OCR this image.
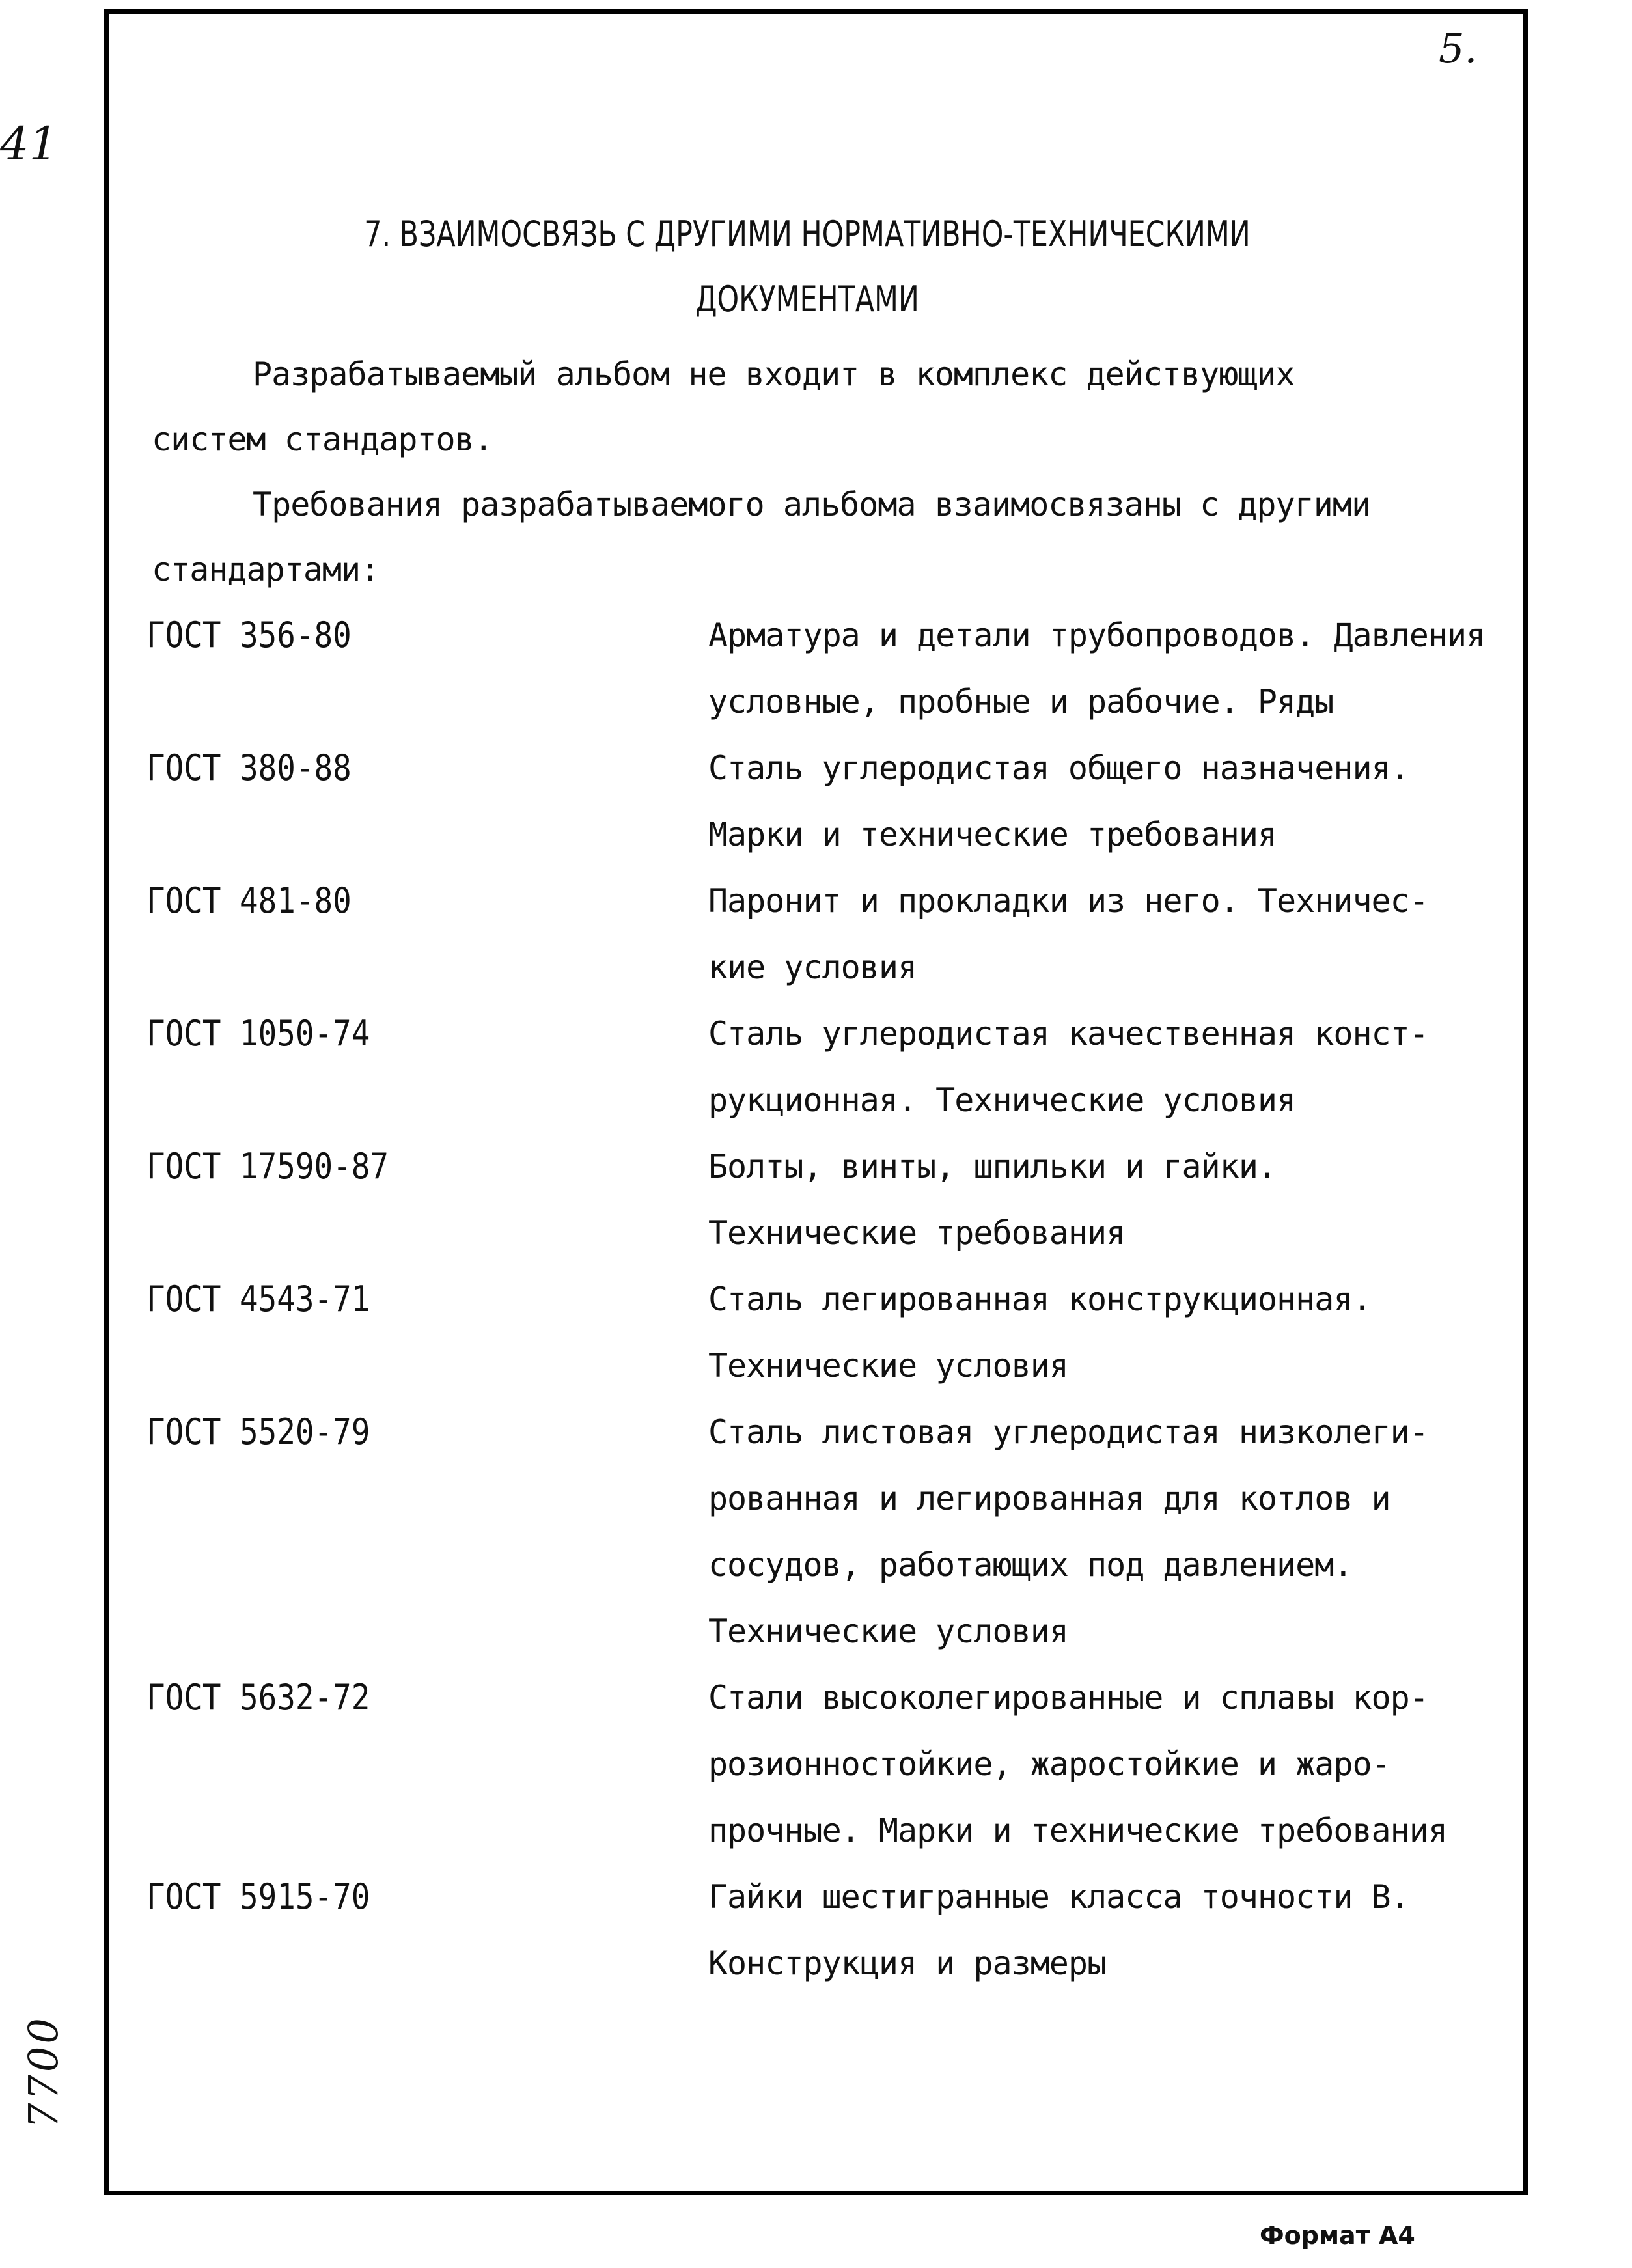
41
5.
7700
Формат А4
7. ВЗАИМОСВЯЗЬ С ДРУГИМИ НОРМАТИВНО-ТЕХНИЧЕСКИМИ
ДОКУМЕНТАМИ
Разрабатываемый альбом не входит в комплекс действующих
систем стандартов.
Требования разрабатываемого альбома взаимосвязаны с другими
стандартами:
ГОСТ 356-80	Арматура и детали трубопроводов. Давления
условные, пробные и рабочие. Ряды
ГОСТ 380-88	Сталь углеродистая общего назначения.
Марки и технические требования
ГОСТ 481-80	Паронит и прокладки из него. Техничес-
кие условия
ГОСТ 1050-74	Сталь углеродистая качественная конст-
рукционная. Технические условия
ГОСТ 17590-87	Болты, винты, шпильки и гайки.
Технические требования
ГОСТ 4543-71	Сталь легированная конструкционная.
Технические условия
ГОСТ 5520-79	Сталь листовая углеродистая низколеги-
рованная и легированная для котлов и
сосудов, работающих под давлением.
Технические условия
ГОСТ 5632-72	Стали высоколегированные и сплавы кор-
розионностойкие, жаростойкие и жаро-
прочные. Марки и технические требования
ГОСТ 5915-70	Гайки шестигранные класса точности В.
Конструкция и размеры
